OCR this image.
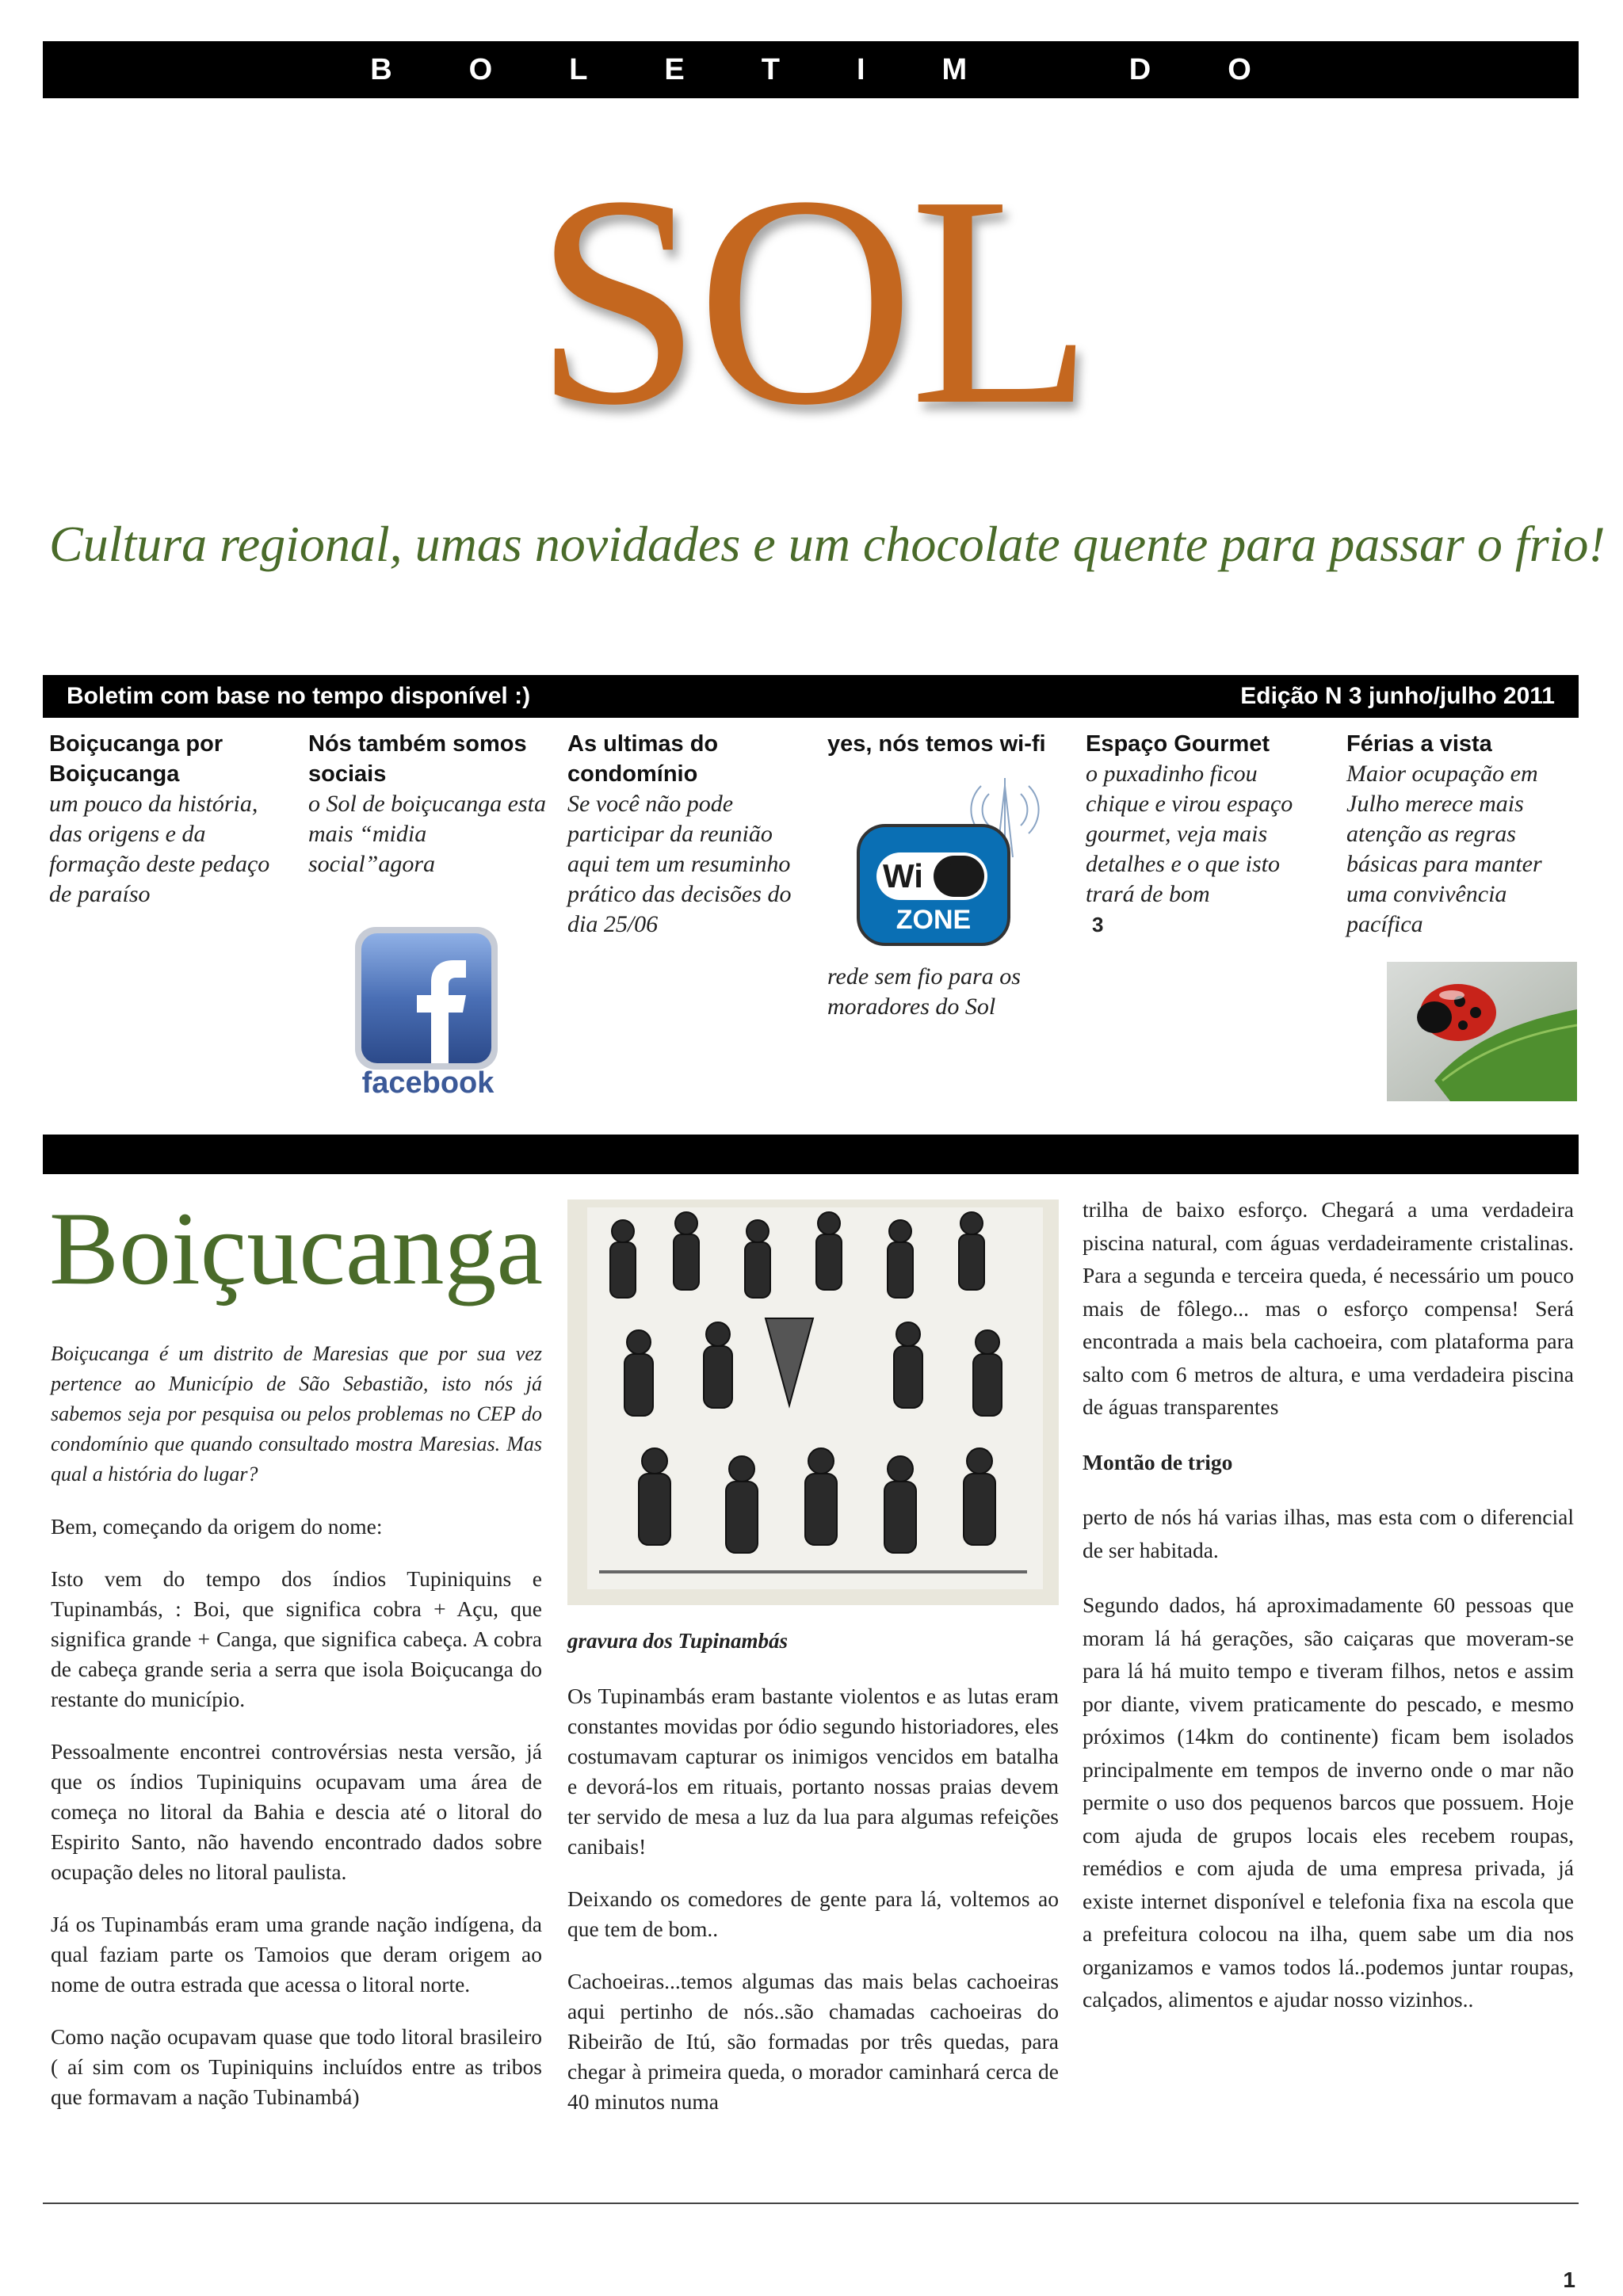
BOLETIM DO
SOL
Cultura regional, umas novidades e um chocolate quente para passar o frio!
Boletim com base no tempo disponível :)	Edição N 3 junho/julho 2011
Boiçucanga por Boiçucanga

um pouco da história, das origens e da formação deste pedaço de paraíso

Nós também somos sociais

o Sol de boiçucanga esta mais “midia social”agora

facebook
As ultimas do condomínio

Se você não pode participar da reunião aqui tem um resuminho prático das decisões do dia 25/06

yes, nós temos wi-fi
Wi Fi
ZONE

rede sem fio para os moradores do Sol

Espaço Gourmet

o puxadinho ficou chique e virou espaço gourmet, veja mais detalhes e o que isto trará de bom

3

Férias a vista

Maior ocupação em Julho merece mais atenção as regras básicas para manter uma convivência pacífica

Boiçucanga

Boiçucanga é um distrito de Maresias que por sua vez pertence ao Município de São Sebastião, isto nós já sabemos seja por pesquisa ou pelos problemas no CEP do condomínio que quando consultado mostra Maresias. Mas qual a história do lugar?

Bem, começando da origem do nome:

Isto vem do tempo dos índios Tupiniquins e Tupinambás, : Boi, que significa cobra + Açu, que significa grande + Canga, que significa cabeça. A cobra de cabeça grande seria a serra que isola Boiçucanga do restante do município.

Pessoalmente encontrei controvérsias nesta versão, já que os índios Tupiniquins ocupavam uma área de começa no litoral da Bahia e descia até o litoral do Espirito Santo, não havendo encontrado dados sobre ocupação deles no litoral paulista.

Já os Tupinambás eram uma grande nação indígena, da qual faziam parte os Tamoios que deram origem ao nome de outra estrada que acessa o litoral norte.

Como nação ocupavam quase que todo litoral brasileiro ( aí sim com os Tupiniquins incluídos entre as tribos que formavam a nação Tubinambá)

gravura dos Tupinambás

Os Tupinambás eram bastante violentos e as lutas eram constantes movidas por ódio segundo historiadores, eles costumavam capturar os inimigos vencidos em batalha e devorá-los em rituais, portanto nossas praias devem ter servido de mesa a luz da lua para algumas refeições canibais!

Deixando os comedores de gente para lá, voltemos ao que tem de bom..

Cachoeiras...temos algumas das mais belas cachoeiras aqui pertinho de nós..são chamadas cachoeiras do Ribeirão de Itú, são formadas por três quedas, para chegar à primeira queda, o morador caminhará cerca de 40 minutos numa

trilha de baixo esforço. Chegará a uma verdadeira piscina natural, com águas verdadeiramente cristalinas. Para a segunda e terceira queda, é necessário um pouco mais de fôlego... mas o esforço compensa! Será encontrada a mais bela cachoeira, com plataforma para salto com 6 metros de altura, e uma verdadeira piscina de águas transparentes

Montão de trigo

perto de nós há varias ilhas, mas esta com o diferencial de ser habitada.

Segundo dados, há aproximadamente 60 pessoas que moram lá há gerações, são caiçaras que moveram-se para lá há muito tempo e tiveram filhos, netos e assim por diante, vivem praticamente do pescado, e mesmo próximos (14km do continente) ficam bem isolados principalmente em tempos de inverno onde o mar não permite o uso dos pequenos barcos que possuem. Hoje com ajuda de grupos locais eles recebem roupas, remédios e com ajuda de uma empresa privada, já existe internet disponível e telefonia fixa na escola que a prefeitura colocou na ilha, quem sabe um dia nos organizamos e vamos todos lá..podemos juntar roupas, calçados, alimentos e ajudar nosso vizinhos..

1
